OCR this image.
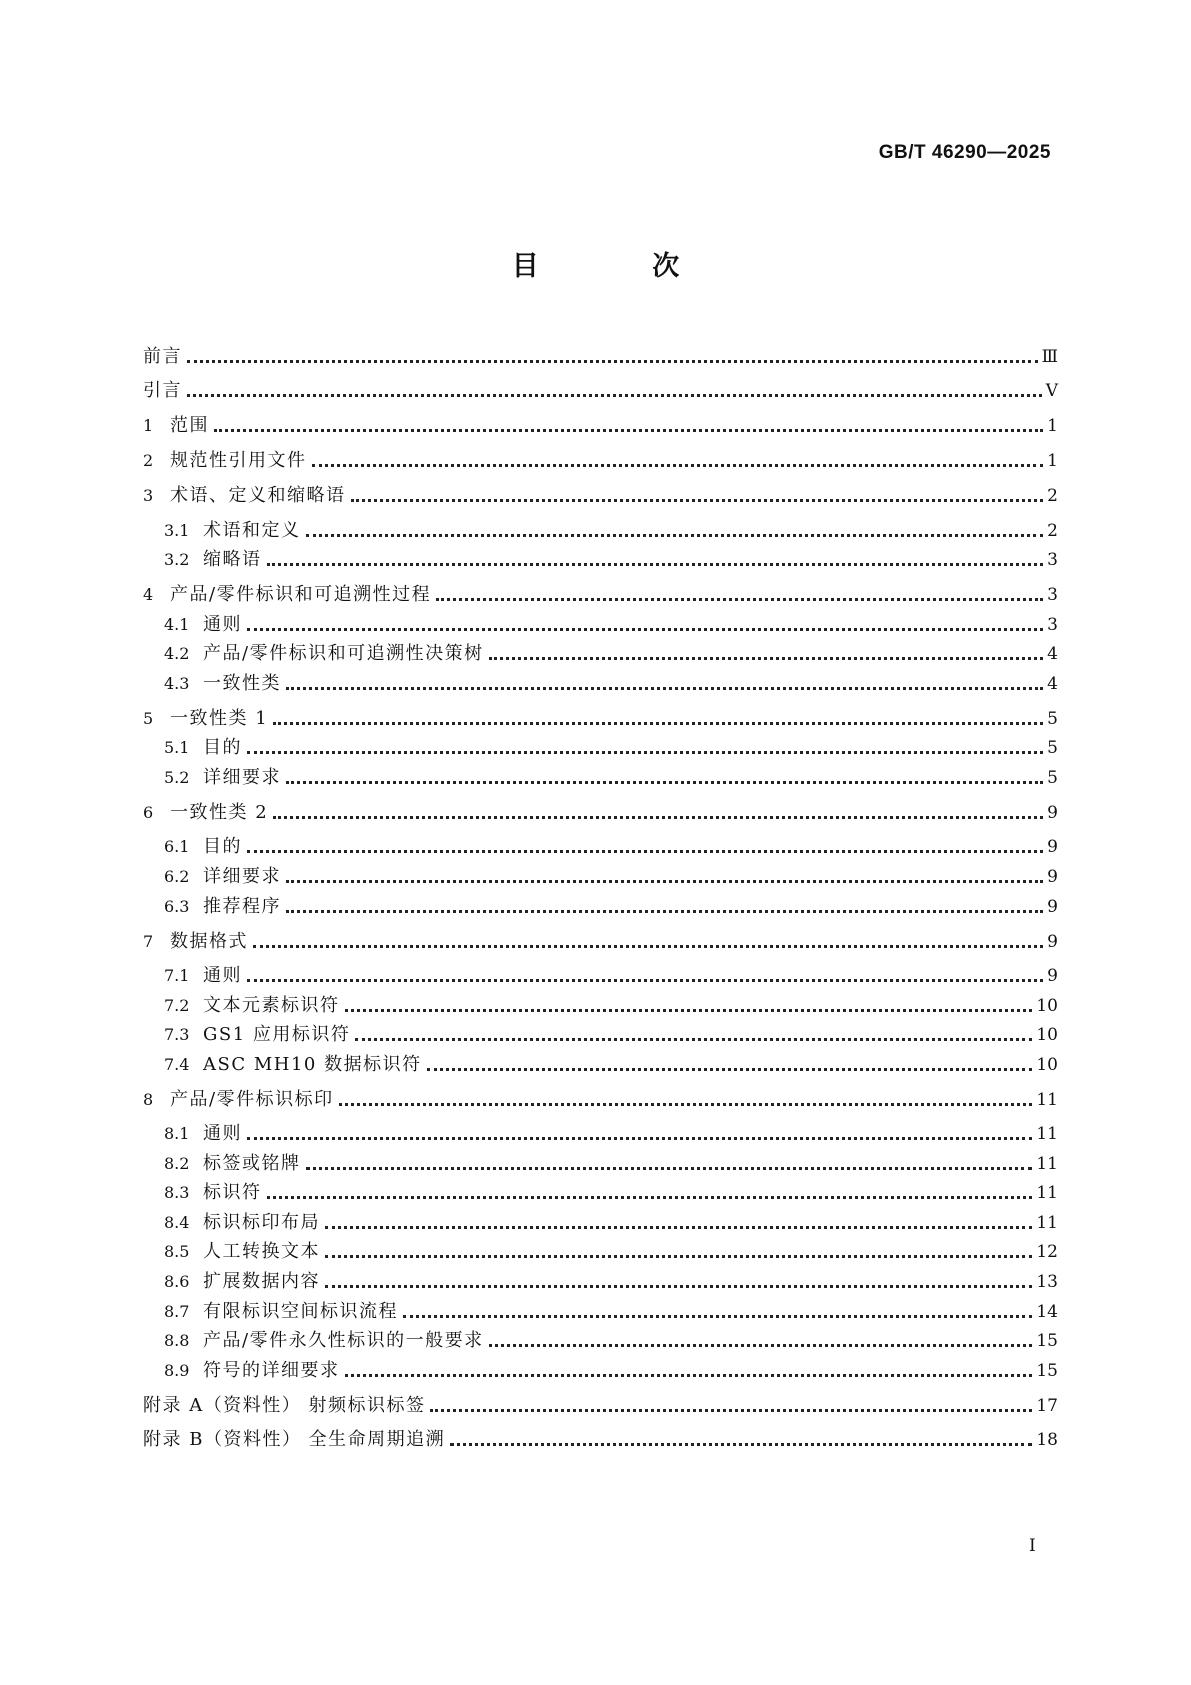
GB/T 46290—2025
目 次
前言	Ⅲ
引言	Ⅴ
1 范围	1
2 规范性引用文件	1
3 术语、定义和缩略语	2
3.1 术语和定义	2
3.2 缩略语	3
4 产品/零件标识和可追溯性过程	3
4.1 通则	3
4.2 产品/零件标识和可追溯性决策树	4
4.3 一致性类	4
5 一致性类 1	5
5.1 目的	5
5.2 详细要求	5
6 一致性类 2	9
6.1 目的	9
6.2 详细要求	9
6.3 推荐程序	9
7 数据格式	9
7.1 通则	9
7.2 文本元素标识符	10
7.3 GS1 应用标识符	10
7.4 ASC MH10 数据标识符	10
8 产品/零件标识标印	11
8.1 通则	11
8.2 标签或铭牌	11
8.3 标识符	11
8.4 标识标印布局	11
8.5 人工转换文本	12
8.6 扩展数据内容	13
8.7 有限标识空间标识流程	14
8.8 产品/零件永久性标识的一般要求	15
8.9 符号的详细要求	15
附录 A（资料性） 射频标识标签	17
附录 B（资料性） 全生命周期追溯	18
Ⅰ
